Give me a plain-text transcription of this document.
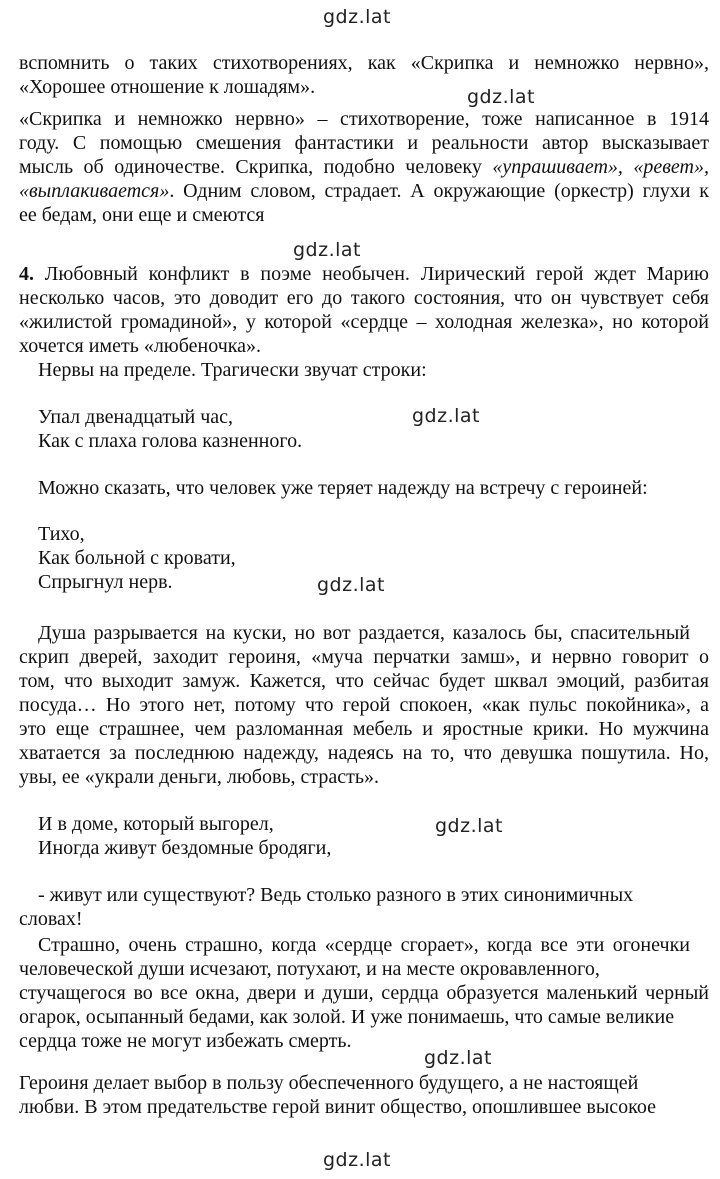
gdz.lat
gdz.lat
gdz.lat
gdz.lat
gdz.lat
gdz.lat
gdz.lat
gdz.lat
вспомнить о таких стихотворениях, как «Скрипка и немножко нервно»,
«Хорошее отношение к лошадям».
«Скрипка и немножко нервно» – стихотворение, тоже написанное в 1914
году. С помощью смешения фантастики и реальности автор высказывает
мысль об одиночестве. Скрипка, подобно человеку «упрашивает», «ревет»,
«выплакивается». Одним словом, страдает. А окружающие (оркестр) глухи к
ее бедам, они еще и смеются
4. Любовный конфликт в поэме необычен. Лирический герой ждет Марию
несколько часов, это доводит его до такого состояния, что он чувствует себя
«жилистой громадиной», у которой «сердце – холодная железка», но которой
хочется иметь «любеночка».
Нервы на пределе. Трагически звучат строки:
Упал двенадцатый час,
Как с плаха голова казненного.
Можно сказать, что человек уже теряет надежду на встречу с героиней:
Тихо,
Как больной с кровати,
Спрыгнул нерв.
Душа разрывается на куски, но вот раздается, казалось бы, спасительный
скрип дверей, заходит героиня, «муча перчатки замш», и нервно говорит о
том, что выходит замуж. Кажется, что сейчас будет шквал эмоций, разбитая
посуда… Но этого нет, потому что герой спокоен, «как пульс покойника», а
это еще страшнее, чем разломанная мебель и яростные крики. Но мужчина
хватается за последнюю надежду, надеясь на то, что девушка пошутила. Но,
увы, ее «украли деньги, любовь, страсть».
И в доме, который выгорел,
Иногда живут бездомные бродяги,
- живут или существуют? Ведь столько разного в этих синонимичных
словах!
Страшно, очень страшно, когда «сердце сгорает», когда все эти огонечки
человеческой души исчезают, потухают, и на месте окровавленного,
стучащегося во все окна, двери и души, сердца образуется маленький черный
огарок, осыпанный бедами, как золой. И уже понимаешь, что самые великие
сердца тоже не могут избежать смерть.
Героиня делает выбор в пользу обеспеченного будущего, а не настоящей
любви. В этом предательстве герой винит общество, опошлившее высокое
